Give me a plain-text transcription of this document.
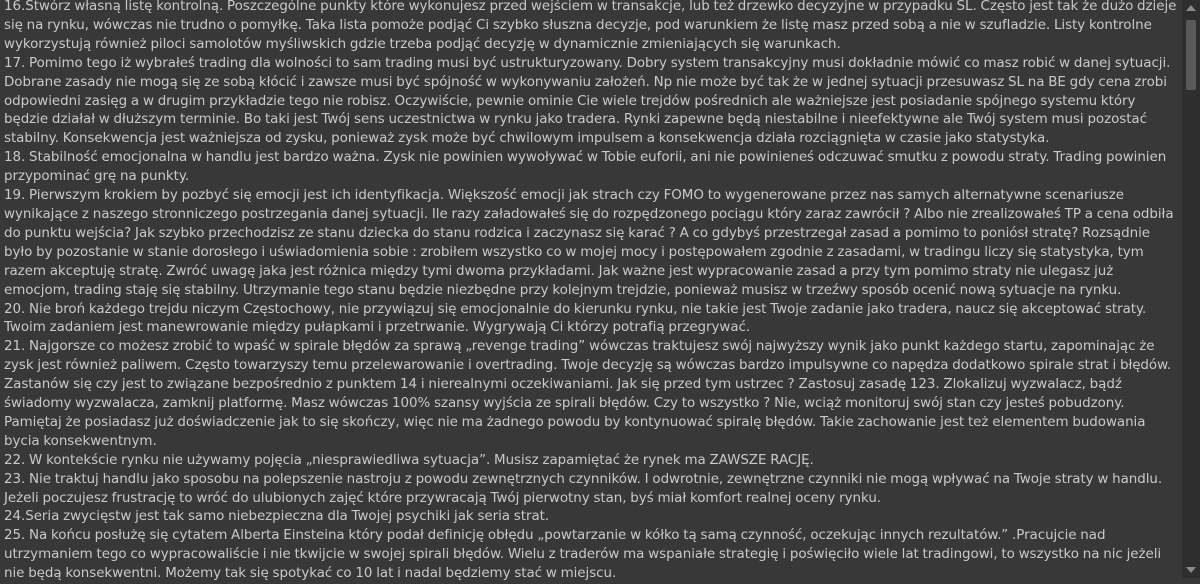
16.Stwórz własną listę kontrolną. Poszczególne punkty które wykonujesz przed wejściem w transakcje, lub też drzewko decyzyjne w przypadku SL. Często jest tak że dużo dzieje się na rynku, wówczas nie trudno o pomyłkę. Taka lista pomoże podjąć Ci szybko słuszna decyzje, pod warunkiem że listę masz przed sobą a nie w szufladzie. Listy kontrolne wykorzystują również piloci samolotów myśliwskich gdzie trzeba podjąć decyzję w dynamicznie zmieniających się warunkach.

17. Pomimo tego iż wybrałeś trading dla wolności to sam trading musi być ustrukturyzowany. Dobry system transakcyjny musi dokładnie mówić co masz robić w danej sytuacji. Dobrane zasady nie mogą się ze sobą kłócić i zawsze musi być spójność w wykonywaniu założeń. Np nie może być tak że w jednej sytuacji przesuwasz SL na BE gdy cena zrobi odpowiedni zasięg a w drugim przykładzie tego nie robisz. Oczywiście, pewnie ominie Cie wiele trejdów pośrednich ale ważniejsze jest posiadanie spójnego systemu który będzie działał w dłuższym terminie. Bo taki jest Twój sens uczestnictwa w rynku jako tradera. Rynki zapewne będą niestabilne i nieefektywne ale Twój system musi pozostać stabilny. Konsekwencja jest ważniejsza od zysku, ponieważ zysk może być chwilowym impulsem a konsekwencja działa rozciągnięta w czasie jako statystyka.

18. Stabilność emocjonalna w handlu jest bardzo ważna. Zysk nie powinien wywoływać w Tobie euforii, ani nie powinieneś odczuwać smutku z powodu straty. Trading powinien przypominać grę na punkty.

19. Pierwszym krokiem by pozbyć się emocji jest ich identyfikacja. Większość emocji jak strach czy FOMO to wygenerowane przez nas samych alternatywne scenariusze wynikające z naszego stronniczego postrzegania danej sytuacji. Ile razy załadowałeś się do rozpędzonego pociągu który zaraz zawrócił ? Albo nie zrealizowałeś TP a cena odbiła do punktu wejścia? Jak szybko przechodzisz ze stanu dziecka do stanu rodzica i zaczynasz się karać ? A co gdybyś przestrzegał zasad a pomimo to poniósł stratę? Rozsądnie było by pozostanie w stanie dorosłego i uświadomienia sobie : zrobiłem wszystko co w mojej mocy i postępowałem zgodnie z zasadami, w tradingu liczy się statystyka, tym razem akceptuję stratę. Zwróć uwagę jaka jest różnica między tymi dwoma przykładami. Jak ważne jest wypracowanie zasad a przy tym pomimo straty nie ulegasz już emocjom, trading staję się stabilny. Utrzymanie tego stanu będzie niezbędne przy kolejnym trejdzie, ponieważ musisz w trzeźwy sposób ocenić nową sytuacje na rynku.

20. Nie broń każdego trejdu niczym Częstochowy, nie przywiązuj się emocjonalnie do kierunku rynku, nie takie jest Twoje zadanie jako tradera, naucz się akceptować straty. Twoim zadaniem jest manewrowanie między pułapkami i przetrwanie. Wygrywają Ci którzy potrafią przegrywać.

21. Najgorsze co możesz zrobić to wpaść w spirale błędów za sprawą „revenge trading” wówczas traktujesz swój najwyższy wynik jako punkt każdego startu, zapominając że zysk jest również paliwem. Często towarzyszy temu przelewarowanie i overtrading. Twoje decyzję są wówczas bardzo impulsywne co napędza dodatkowo spirale strat i błędów. Zastanów się czy jest to związane bezpośrednio z punktem 14 i nierealnymi oczekiwaniami. Jak się przed tym ustrzec ? Zastosuj zasadę 123. Zlokalizuj wyzwalacz, bądź świadomy wyzwalacza, zamknij platformę. Masz wówczas 100% szansy wyjścia ze spirali błędów. Czy to wszystko ? Nie, wciąż monitoruj swój stan czy jesteś pobudzony. Pamiętaj że posiadasz już doświadczenie jak to się skończy, więc nie ma żadnego powodu by kontynuować spiralę błędów. Takie zachowanie jest też elementem budowania bycia konsekwentnym.

22. W kontekście rynku nie używamy pojęcia „niesprawiedliwa sytuacja”. Musisz zapamiętać że rynek ma ZAWSZE RACJĘ.

23. Nie traktuj handlu jako sposobu na polepszenie nastroju z powodu zewnętrznych czynników. I odwrotnie, zewnętrzne czynniki nie mogą wpływać na Twoje straty w handlu. Jeżeli poczujesz frustrację to wróć do ulubionych zajęć które przywracają Twój pierwotny stan, byś miał komfort realnej oceny rynku.

24.Seria zwycięstw jest tak samo niebezpieczna dla Twojej psychiki jak seria strat.

25. Na końcu posłużę się cytatem Alberta Einsteina który podał definicję obłędu „powtarzanie w kółko tą samą czynność, oczekując innych rezultatów.” .Pracujcie nad utrzymaniem tego co wypracowaliście i nie tkwijcie w swojej spirali błędów. Wielu z traderów ma wspaniałe strategię i poświęciło wiele lat tradingowi, to wszystko na nic jeżeli nie będą konsekwentni. Możemy tak się spotykać co 10 lat i nadal będziemy stać w miejscu.
